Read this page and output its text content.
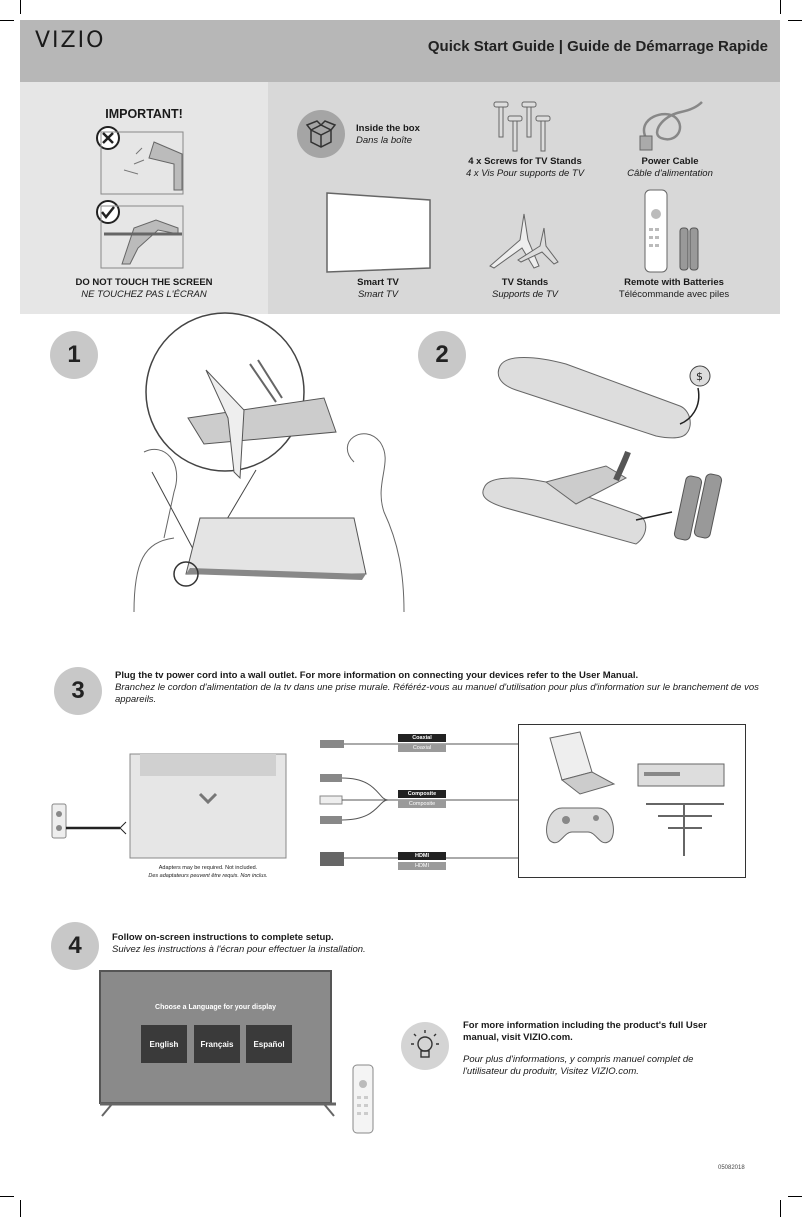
VIZIO	Quick Start Guide | Guide de Démarrage Rapide
IMPORTANT!
DO NOT TOUCH THE SCREEN
NE TOUCHEZ PAS L'ÉCRAN
Inside the box
Dans la boîte
4 x Screws for TV Stands
4 x Vis Pour supports de TV
Power Cable
Câble d'alimentation
Smart TV
Smart TV
TV Stands
Supports de TV
Remote with Batteries
Télécommande avec piles
1	2
$
3
Plug the tv power cord into a wall outlet. For more information on connecting your devices refer to the User Manual.
Branchez le cordon d'alimentation de la tv dans une prise murale. Référéz-vous au manuel d'utilisation pour plus d'information sur le branchement de vos appareils.
Adapters may be required. Not included.
Des adaptateurs peuvent être requis. Non inclus.
Coaxial
Coaxial
Composite
Composite
HDMI
HDMI
4	Follow on-screen instructions to complete setup.
Suivez les instructions à l'écran pour effectuer la installation.
Choose a Language for your display
English	Français	Español
For more information including the product's full User manual, visit VIZIO.com.
Pour plus d'informations, y compris manuel complet de l'utilisateur du produitr, Visitez VIZIO.com.
05082018
